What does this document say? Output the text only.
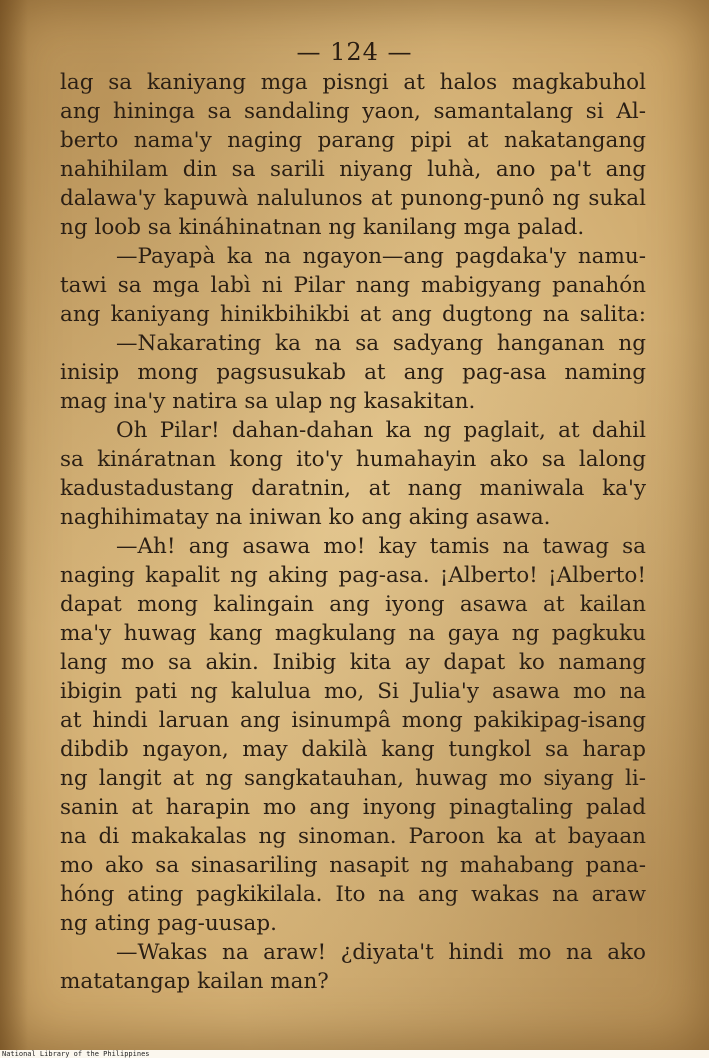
— 124 —
lag sa kaniyang mga pisngi at halos magkabuhol
ang hininga sa sandaling yaon, samantalang si Al-
berto nama'y naging parang pipi at nakatangang
nahihilam din sa sarili niyang luhà, ano pa't ang
dalawa'y kapuwà nalulunos at punong-punô ng sukal
ng loob sa kináhinatnan ng kanilang mga palad.
—Payapà ka na ngayon—ang pagdaka'y namu-
tawi sa mga labì ni Pilar nang mabigyang panahón
ang kaniyang hinikbihikbi at ang dugtong na salita:
—Nakarating ka na sa sadyang hanganan ng
inisip mong pagsusukab at ang pag-asa naming
mag ina'y natira sa ulap ng kasakitan.
Oh Pilar! dahan-dahan ka ng paglait, at dahil
sa kináratnan kong ito'y humahayin ako sa lalong
kadustadustang daratnin, at nang maniwala ka'y
naghihimatay na iniwan ko ang aking asawa.
—Ah! ang asawa mo! kay tamis na tawag sa
naging kapalit ng aking pag-asa. ¡Alberto! ¡Alberto!
dapat mong kalingain ang iyong asawa at kailan
ma'y huwag kang magkulang na gaya ng pagkuku
lang mo sa akin. Inibig kita ay dapat ko namang
ibigin pati ng kalulua mo, Si Julia'y asawa mo na
at hindi laruan ang isinumpâ mong pakikipag-isang
dibdib ngayon, may dakilà kang tungkol sa harap
ng langit at ng sangkatauhan, huwag mo siyang li-
sanin at harapin mo ang inyong pinagtaling palad
na di makakalas ng sinoman. Paroon ka at bayaan
mo ako sa sinasariling nasapit ng mahabang pana-
hóng ating pagkikilala. Ito na ang wakas na araw
ng ating pag-uusap.
—Wakas na araw! ¿diyata't hindi mo na ako
matatangap kailan man?
National Library of the Philippines
